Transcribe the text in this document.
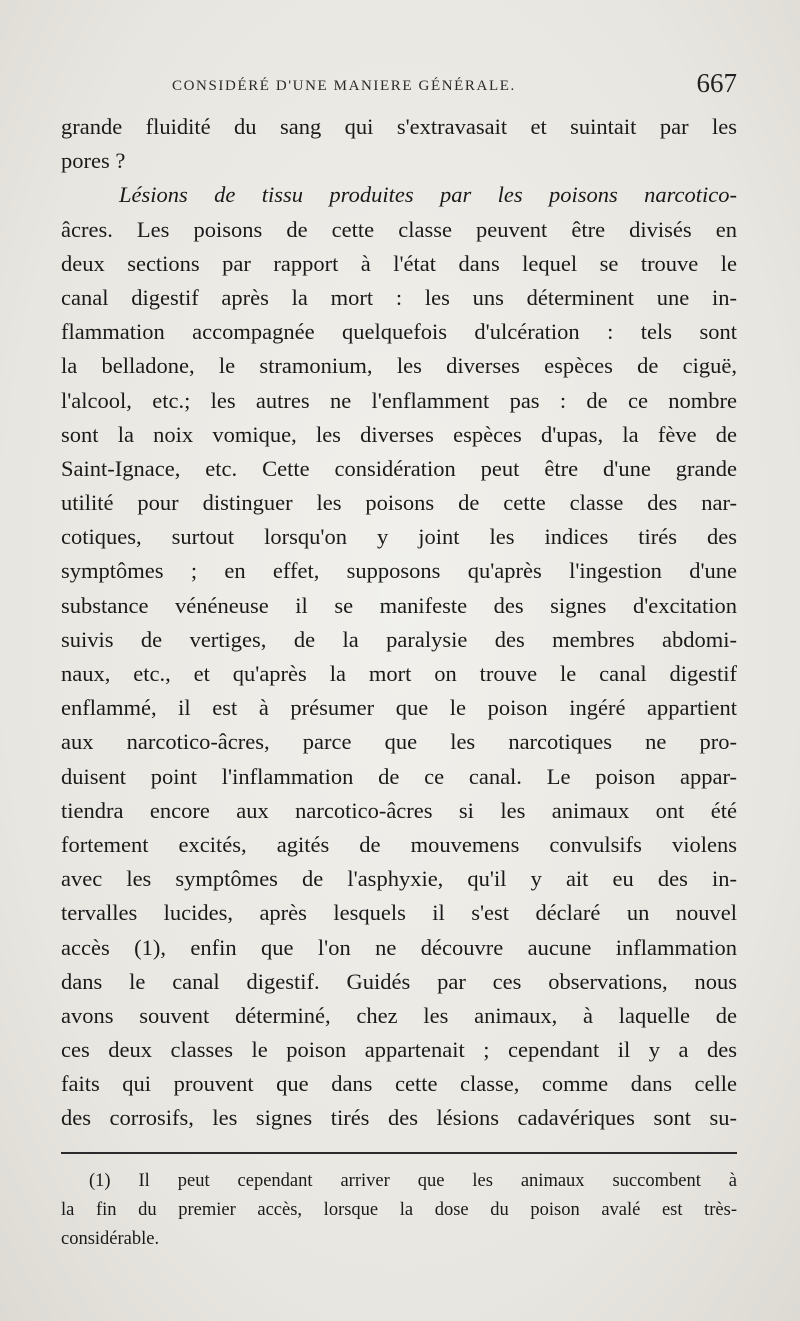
CONSIDÉRÉ D'UNE MANIERE GÉNÉRALE.	667
grande fluidité du sang qui s'extravasait et suintait par les
pores ?
Lésions de tissu produites par les poisons narcotico-
âcres. Les poisons de cette classe peuvent être divisés en
deux sections par rapport à l'état dans lequel se trouve le
canal digestif après la mort : les uns déterminent une in-
flammation accompagnée quelquefois d'ulcération : tels sont
la belladone, le stramonium, les diverses espèces de ciguë,
l'alcool, etc.; les autres ne l'enflamment pas : de ce nombre
sont la noix vomique, les diverses espèces d'upas, la fève de
Saint-Ignace, etc. Cette considération peut être d'une grande
utilité pour distinguer les poisons de cette classe des nar-
cotiques, surtout lorsqu'on y joint les indices tirés des
symptômes ; en effet, supposons qu'après l'ingestion d'une
substance vénéneuse il se manifeste des signes d'excitation
suivis de vertiges, de la paralysie des membres abdomi-
naux, etc., et qu'après la mort on trouve le canal digestif
enflammé, il est à présumer que le poison ingéré appartient
aux narcotico-âcres, parce que les narcotiques ne pro-
duisent point l'inflammation de ce canal. Le poison appar-
tiendra encore aux narcotico-âcres si les animaux ont été
fortement excités, agités de mouvemens convulsifs violens
avec les symptômes de l'asphyxie, qu'il y ait eu des in-
tervalles lucides, après lesquels il s'est déclaré un nouvel
accès (1), enfin que l'on ne découvre aucune inflammation
dans le canal digestif. Guidés par ces observations, nous
avons souvent déterminé, chez les animaux, à laquelle de
ces deux classes le poison appartenait ; cependant il y a des
faits qui prouvent que dans cette classe, comme dans celle
des corrosifs, les signes tirés des lésions cadavériques sont su-
(1) Il peut cependant arriver que les animaux succombent à
la fin du premier accès, lorsque la dose du poison avalé est très-
considérable.
